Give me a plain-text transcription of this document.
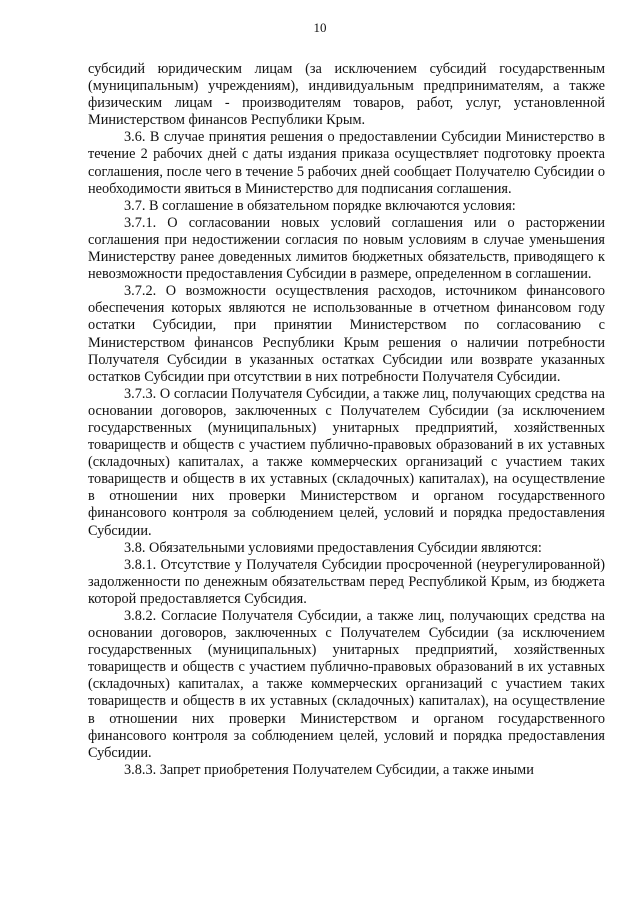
10

субсидий юридическим лицам (за исключением субсидий государственным (муниципальным) учреждениям), индивидуальным предпринимателям, а также физическим лицам - производителям товаров, работ, услуг, установленной Министерством финансов Республики Крым.

3.6. В случае принятия решения о предоставлении Субсидии Министерство в течение 2 рабочих дней с даты издания приказа осуществляет подготовку проекта соглашения, после чего в течение 5 рабочих дней сообщает Получателю Субсидии о необходимости явиться в Министерство для подписания соглашения.

3.7. В соглашение в обязательном порядке включаются условия:

3.7.1. О согласовании новых условий соглашения или о расторжении соглашения при недостижении согласия по новым условиям в случае уменьшения Министерству ранее доведенных лимитов бюджетных обязательств, приводящего к невозможности предоставления Субсидии в размере, определенном в соглашении.

3.7.2. О возможности осуществления расходов, источником финансового обеспечения которых являются не использованные в отчетном финансовом году остатки Субсидии, при принятии Министерством по согласованию с Министерством финансов Республики Крым решения о наличии потребности Получателя Субсидии в указанных остатках Субсидии или возврате указанных остатков Субсидии при отсутствии в них потребности Получателя Субсидии.

3.7.3. О согласии Получателя Субсидии, а также лиц, получающих средства на основании договоров, заключенных с Получателем Субсидии (за исключением государственных (муниципальных) унитарных предприятий, хозяйственных товариществ и обществ с участием публично-правовых образований в их уставных (складочных) капиталах, а также коммерческих организаций с участием таких товариществ и обществ в их уставных (складочных) капиталах), на осуществление в отношении них проверки Министерством и органом государственного финансового контроля за соблюдением целей, условий и порядка предоставления Субсидии.

3.8. Обязательными условиями предоставления Субсидии являются:

3.8.1. Отсутствие у Получателя Субсидии просроченной (неурегулированной) задолженности по денежным обязательствам перед Республикой Крым, из бюджета которой предоставляется Субсидия.

3.8.2. Согласие Получателя Субсидии, а также лиц, получающих средства на основании договоров, заключенных с Получателем Субсидии (за исключением государственных (муниципальных) унитарных предприятий, хозяйственных товариществ и обществ с участием публично-правовых образований в их уставных (складочных) капиталах, а также коммерческих организаций с участием таких товариществ и обществ в их уставных (складочных) капиталах), на осуществление в отношении них проверки Министерством и органом государственного финансового контроля за соблюдением целей, условий и порядка предоставления Субсидии.

3.8.3. Запрет приобретения Получателем Субсидии, а также иными
